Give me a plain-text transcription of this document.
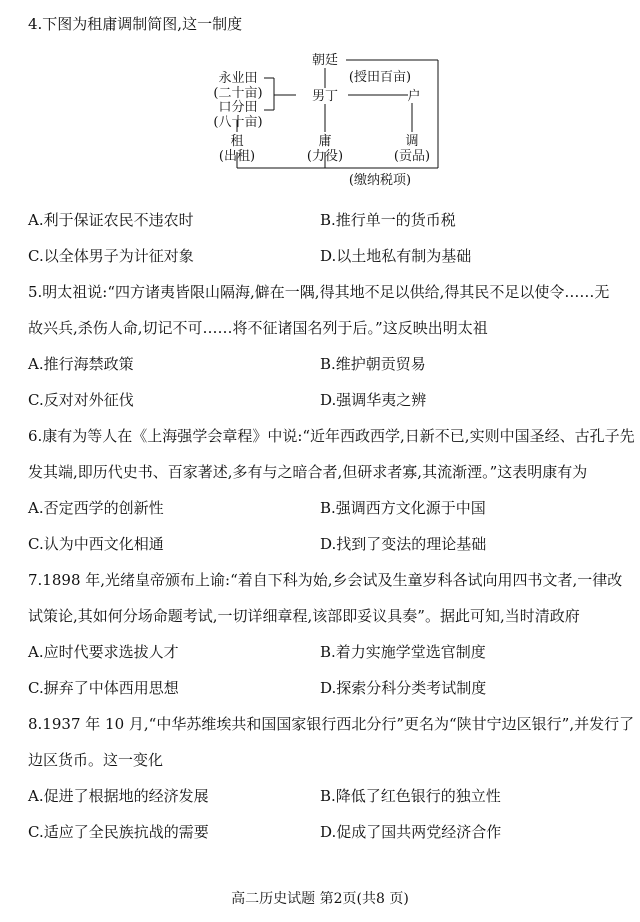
4.下图为租庸调制简图,这一制度
朝廷
(授田百亩)
永业田
(二十亩)
口分田
(八十亩)
男丁	户
租
(出租)
庸
(力役)
调
(贡品)
(缴纳税项)
A.利于保证农民不违农时	B.推行单一的货币税
C.以全体男子为计征对象	D.以土地私有制为基础
5.明太祖说:“四方诸夷皆限山隔海,僻在一隅,得其地不足以供给,得其民不足以使令……无
故兴兵,杀伤人命,切记不可……将不征诸国名列于后。”这反映出明太祖
A.推行海禁政策	B.维护朝贡贸易
C.反对对外征伐	D.强调华夷之辨
6.康有为等人在《上海强学会章程》中说:“近年西政西学,日新不已,实则中国圣经、古孔子先
发其端,即历代史书、百家著述,多有与之暗合者,但研求者寡,其流渐湮。”这表明康有为
A.否定西学的创新性	B.强调西方文化源于中国
C.认为中西文化相通	D.找到了变法的理论基础
7.1898 年,光绪皇帝颁布上谕:“着自下科为始,乡会试及生童岁科各试向用四书文者,一律改
试策论,其如何分场命题考试,一切详细章程,该部即妥议具奏”。据此可知,当时清政府
A.应时代要求选拔人才	B.着力实施学堂选官制度
C.摒弃了中体西用思想	D.探索分科分类考试制度
8.1937 年 10 月,“中华苏维埃共和国国家银行西北分行”更名为“陕甘宁边区银行”,并发行了
边区货币。这一变化
A.促进了根据地的经济发展	B.降低了红色银行的独立性
C.适应了全民族抗战的需要	D.促成了国共两党经济合作
高二历史试题 第2页(共8 页)
